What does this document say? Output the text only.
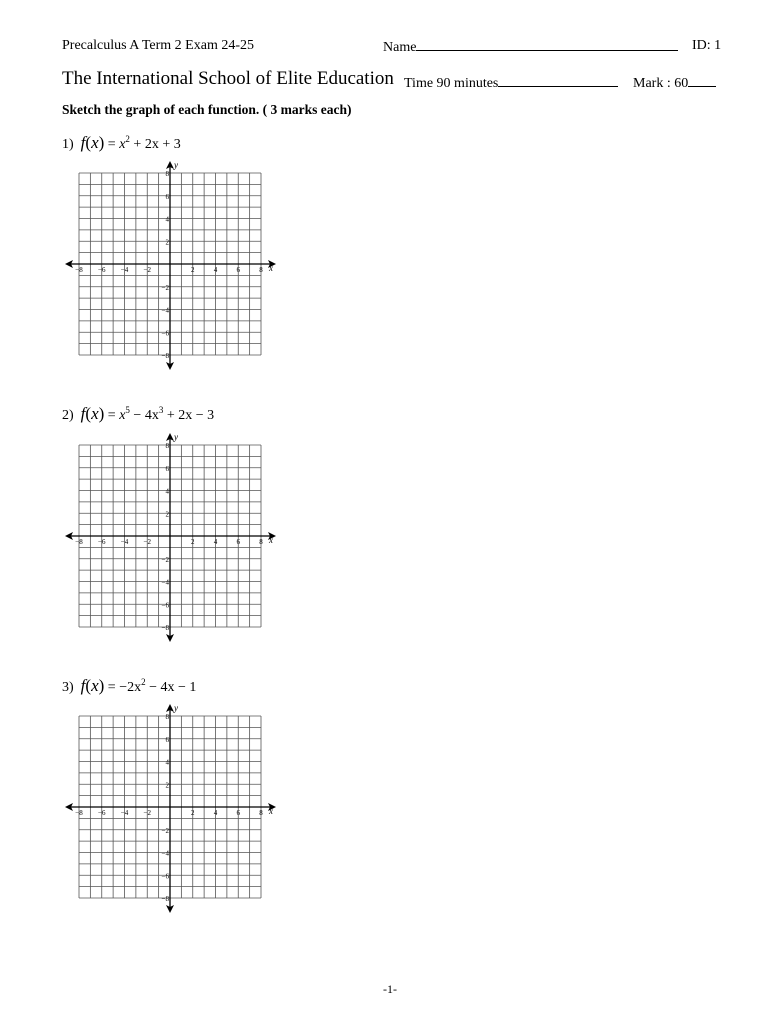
Precalculus A Term 2 Exam 24-25	Name	ID: 1
The International School of Elite Education Time 90 minutes	Mark : 60
Sketch the graph of each function. ( 3 marks each)
1) $f(x) = x^2 + 2x + 3$
2) $f(x) = x^5 - 4x^3 + 2x - 3$
3) $f(x) = -2x^2 - 4x - 1$
−8 −6 −4 −2	2	4	6	8
8
6
4
2
−2
−4
−6
−8
x
y
−8 −6 −4 −2	2	4	6	8
8
6
4
2
−2
−4
−6
−8
x
y
−8 −6 −4 −2	2	4	6	8
8
6
4
2
−2
−4
−6
−8
x
y
-1-
